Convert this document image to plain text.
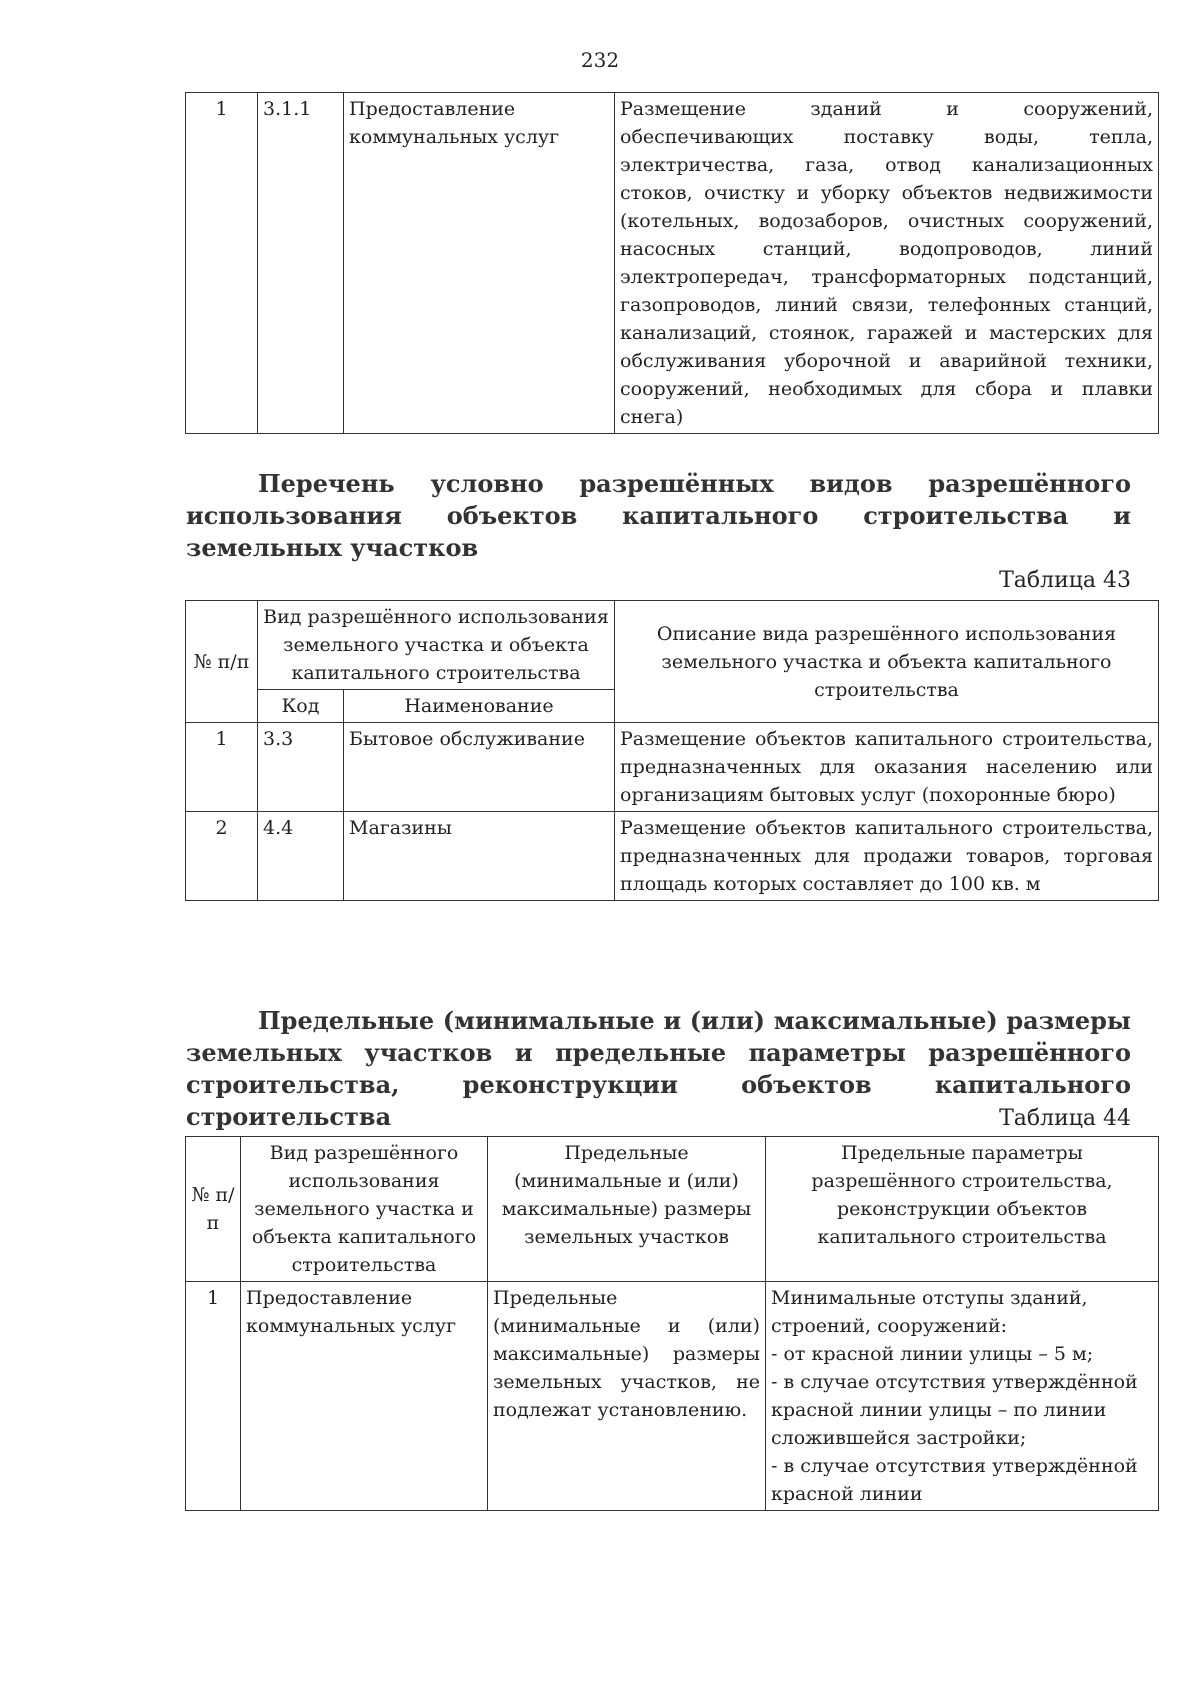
232
1	3.1.1	Предоставление коммунальных услуг	Размещение зданий и сооружений, обеспечивающих поставку воды, тепла, электричества, газа, отвод канализационных стоков, очистку и уборку объектов недвижимости (котельных, водозаборов, очистных сооружений, насосных станций, водопроводов, линий электропередач, трансформаторных подстанций, газопроводов, линий связи, телефонных станций, канализаций, стоянок, гаражей и мастерских для обслуживания уборочной и аварийной техники, сооружений, необходимых для сбора и плавки снега)
Перечень условно разрешённых видов разрешённого использования объектов капитального строительства и земельных участков
Таблица 43
№ п/п	Вид разрешённого использования земельного участка и объекта капитального строительства		Описание вида разрешённого использования земельного участка и объекта капитального строительства
	Код	Наименование	
1	3.3	Бытовое обслуживание	Размещение объектов капитального строительства, предназначенных для оказания населению или организациям бытовых услуг (похоронные бюро)
2	4.4	Магазины	Размещение объектов капитального строительства, предназначенных для продажи товаров, торговая площадь которых составляет до 100 кв. м
Предельные (минимальные и (или) максимальные) размеры земельных участков и предельные параметры разрешённого строительства, реконструкции объектов капитального строительства	Таблица 44
№ п/п	Вид разрешённого использования земельного участка и объекта капитального строительства	Предельные (минимальные и (или) максимальные) размеры земельных участков	Предельные параметры разрешённого строительства, реконструкции объектов капитального строительства
1	Предоставление коммунальных услуг	Предельные (минимальные и (или) максимальные) размеры земельных участков, не подлежат установлению.	Минимальные отступы зданий, строений, сооружений:
- от красной линии улицы – 5 м;
- в случае отсутствия утверждённой красной линии улицы – по линии сложившейся застройки;
- в случае отсутствия утверждённой красной линии
